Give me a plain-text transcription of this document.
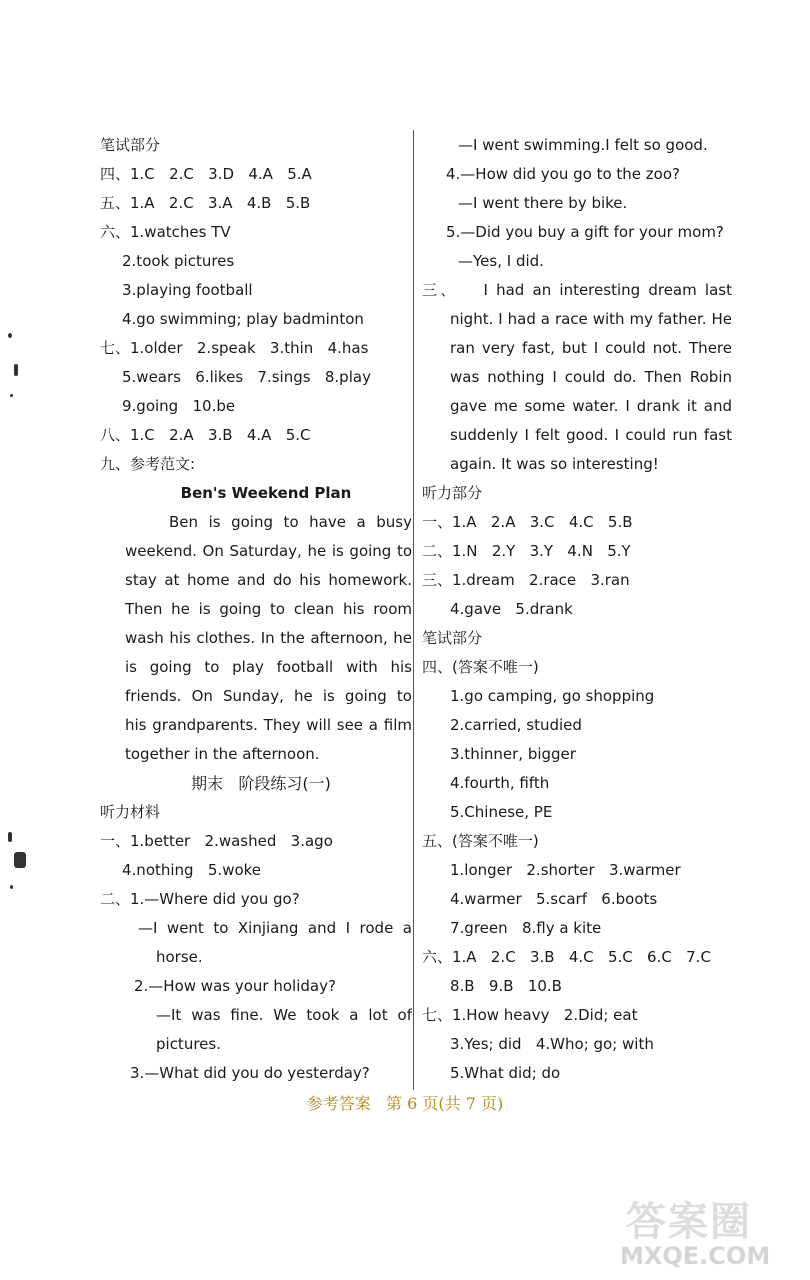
笔试部分
四、1.C   2.C   3.D   4.A   5.A
五、1.A   2.C   3.A   4.B   5.B
六、1.watches TV
2.took pictures
3.playing football
4.go swimming; play badminton
七、1.older   2.speak   3.thin   4.has
5.wears   6.likes   7.sings   8.play
9.going   10.be
八、1.C   2.A   3.B   4.A   5.C
九、参考范文:
Ben's Weekend Plan
Ben is going to have a busy
weekend. On Saturday, he is going to
stay at home and do his homework.
Then he is going to clean his room
wash his clothes. In the afternoon, he
is going to play football with his
friends. On Sunday, he is going to
his grandparents. They will see a film
together in the afternoon.
期末   阶段练习(一)
听力材料
一、1.better   2.washed   3.ago
4.nothing   5.woke
二、1.—Where did you go?
—I went to Xinjiang and I rode a
horse.
2.—How was your holiday?
—It was fine. We took a lot of
pictures.
3.—What did you do yesterday?
—I went swimming.I felt so good.
4.—How did you go to the zoo?
—I went there by bike.
5.—Did you buy a gift for your mom?
—Yes, I did.
三、   I had an interesting dream last
night. I had a race with my father. He
ran very fast, but I could not. There
was nothing I could do. Then Robin
gave me some water. I drank it and
suddenly I felt good. I could run fast
again. It was so interesting!
听力部分
一、1.A   2.A   3.C   4.C   5.B
二、1.N   2.Y   3.Y   4.N   5.Y
三、1.dream   2.race   3.ran
4.gave   5.drank
笔试部分
四、(答案不唯一)
1.go camping, go shopping
2.carried, studied
3.thinner, bigger
4.fourth, fifth
5.Chinese, PE
五、(答案不唯一)
1.longer   2.shorter   3.warmer
4.warmer   5.scarf   6.boots
7.green   8.fly a kite
六、1.A   2.C   3.B   4.C   5.C   6.C   7.C
8.B   9.B   10.B
七、1.How heavy   2.Did; eat
3.Yes; did   4.Who; go; with
5.What did; do
参考答案   第 6 页(共 7 页)
答案圈
MXQE.COM
